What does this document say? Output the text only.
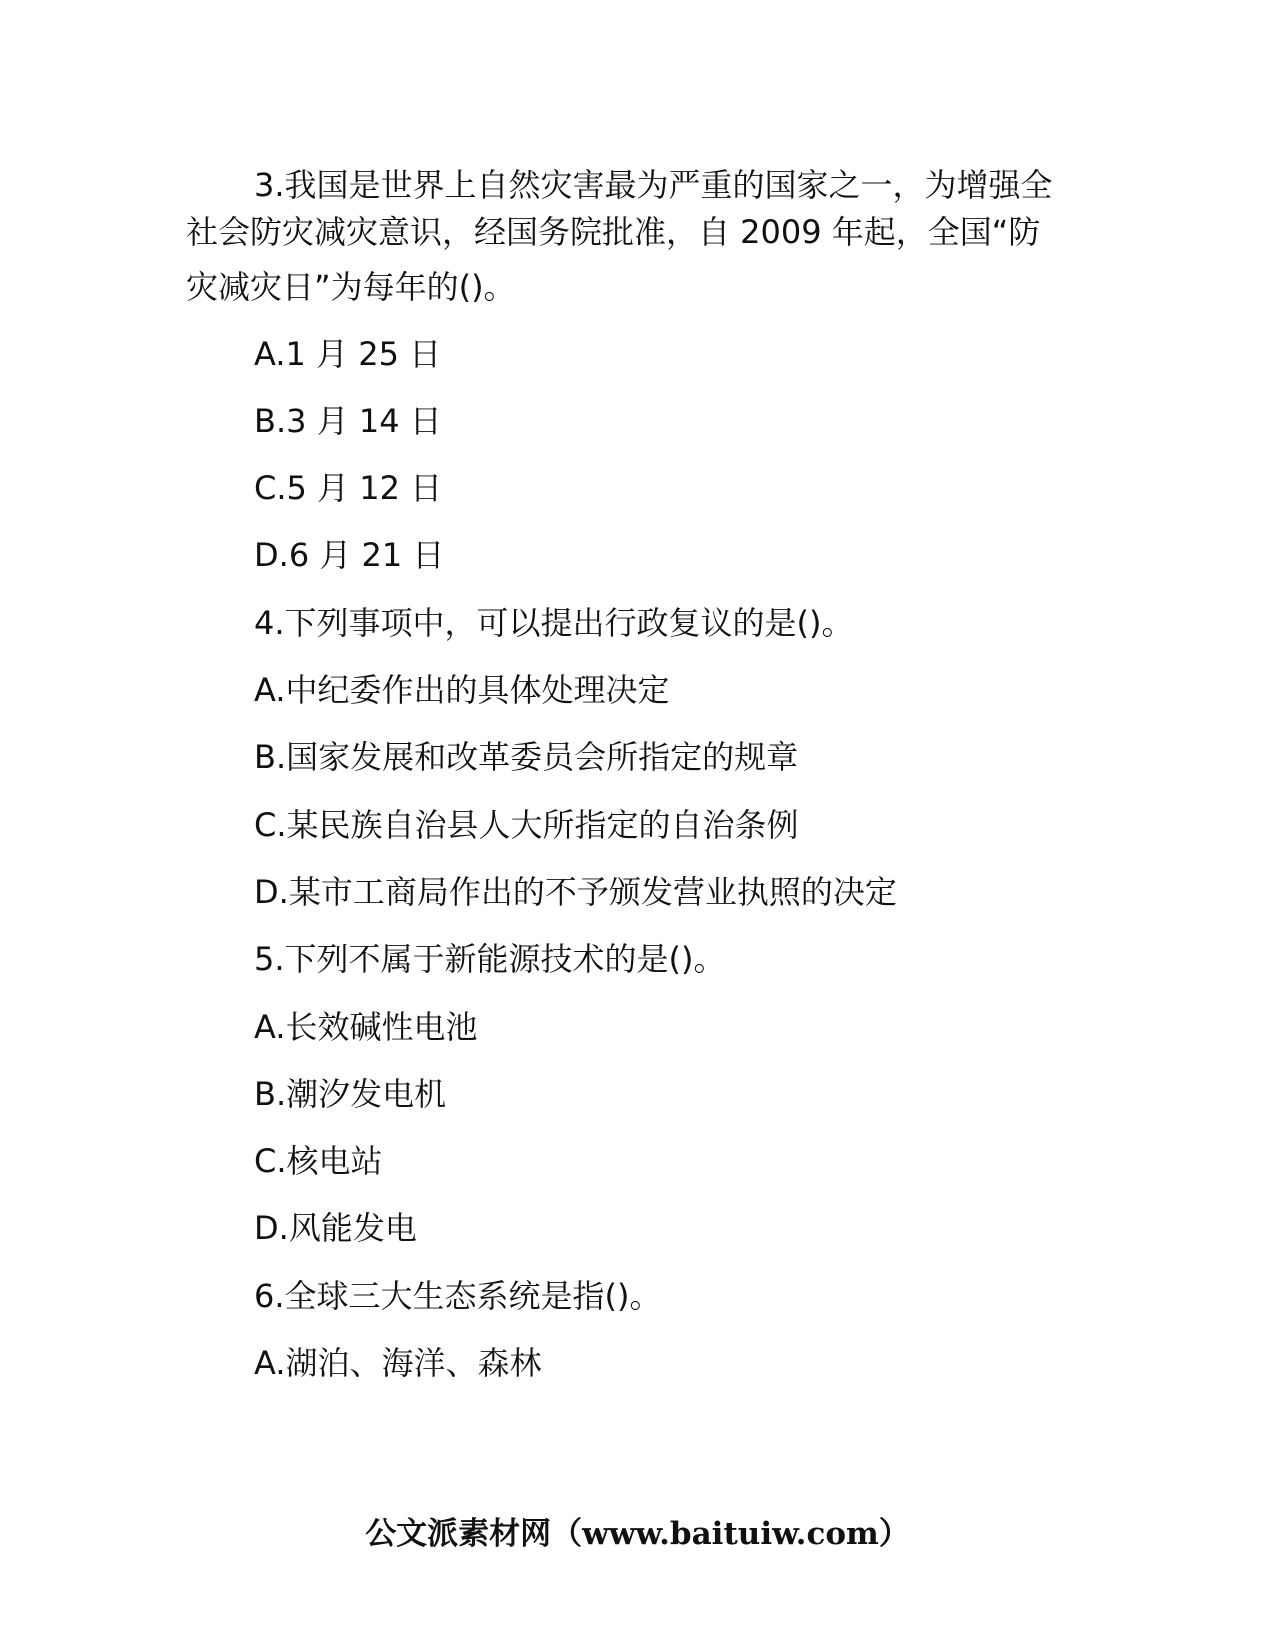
3.我国是世界上自然灾害最为严重的国家之一，为增强全
社会防灾减灾意识，经国务院批准，自 2009 年起，全国“防
灾减灾日”为每年的()。
A.1 月 25 日
B.3 月 14 日
C.5 月 12 日
D.6 月 21 日
4.下列事项中，可以提出行政复议的是()。
A.中纪委作出的具体处理决定
B.国家发展和改革委员会所指定的规章
C.某民族自治县人大所指定的自治条例
D.某市工商局作出的不予颁发营业执照的决定
5.下列不属于新能源技术的是()。
A.长效碱性电池
B.潮汐发电机
C.核电站
D.风能发电
6.全球三大生态系统是指()。
A.湖泊、海洋、森林
公文派素材网（www.baituiw.com）
